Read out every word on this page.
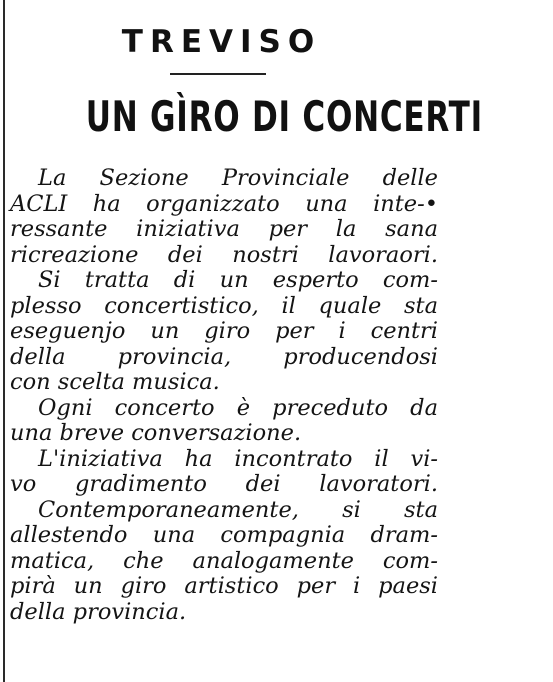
TREVISO
UN GÌRO DI CONCERTI
La Sezione Provinciale delle
ACLI ha organizzato una inte-•
ressante iniziativa per la sana
ricreazione dei nostri lavoraori.
Si tratta di un esperto com-
plesso concertistico, il quale sta
eseguenjo un giro per i centri
della provincia, producendosi
con scelta musica.
Ogni concerto è preceduto da
una breve conversazione.
L'iniziativa ha incontrato il vi-
vo gradimento dei lavoratori.
Contemporaneamente, si sta
allestendo una compagnia dram-
matica, che analogamente com-
pirà un giro artistico per i paesi
della provincia.
